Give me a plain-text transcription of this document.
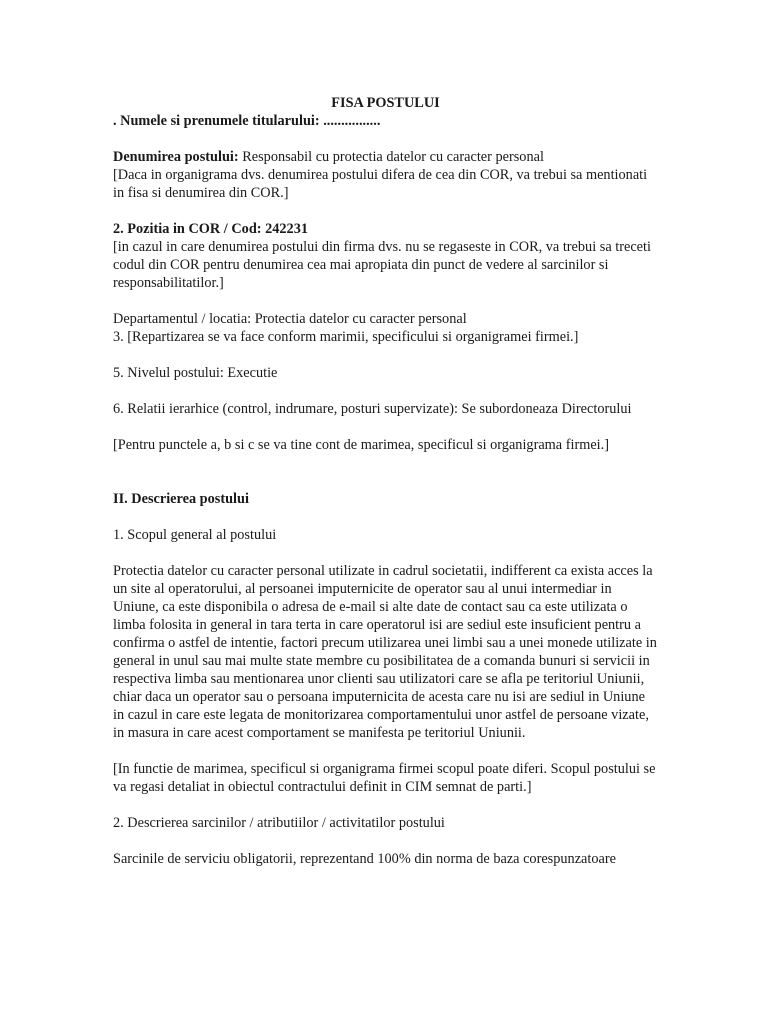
FISA POSTULUI

. Numele si prenumele titularului: ................

Denumirea postului: Responsabil cu protectia datelor cu caracter personal

[Daca in organigrama dvs. denumirea postului difera de cea din COR, va trebui sa mentionati in fisa si denumirea din COR.]

2. Pozitia in COR / Cod: 242231

[in cazul in care denumirea postului din firma dvs. nu se regaseste in COR, va trebui sa treceti codul din COR pentru denumirea cea mai apropiata din punct de vedere al sarcinilor si responsabilitatilor.]

Departamentul / locatia: Protectia datelor cu caracter personal

3. [Repartizarea se va face conform marimii, specificului si organigramei firmei.]

5. Nivelul postului: Executie

6. Relatii ierarhice (control, indrumare, posturi supervizate): Se subordoneaza Directorului

[Pentru punctele a, b si c se va tine cont de marimea, specificul si organigrama firmei.]

II. Descrierea postului

1. Scopul general al postului

Protectia datelor cu caracter personal utilizate in cadrul societatii, indifferent ca exista acces la un site al operatorului, al persoanei imputernicite de operator sau al unui intermediar in Uniune, ca este disponibila o adresa de e-mail si alte date de contact sau ca este utilizata o limba folosita in general in tara terta in care operatorul isi are sediul este insuficient pentru a confirma o astfel de intentie, factori precum utilizarea unei limbi sau a unei monede utilizate in general in unul sau mai multe state membre cu posibilitatea de a comanda bunuri si servicii in respectiva limba sau mentionarea unor clienti sau utilizatori care se afla pe teritoriul Uniunii, chiar daca un operator sau o persoana imputernicita de acesta care nu isi are sediul in Uniune in cazul in care este legata de monitorizarea comportamentului unor astfel de persoane vizate, in masura in care acest comportament se manifesta pe teritoriul Uniunii.

[In functie de marimea, specificul si organigrama firmei scopul poate diferi. Scopul postului se va regasi detaliat in obiectul contractului definit in CIM semnat de parti.]

2. Descrierea sarcinilor / atributiilor / activitatilor postului

Sarcinile de serviciu obligatorii, reprezentand 100% din norma de baza corespunzatoare
